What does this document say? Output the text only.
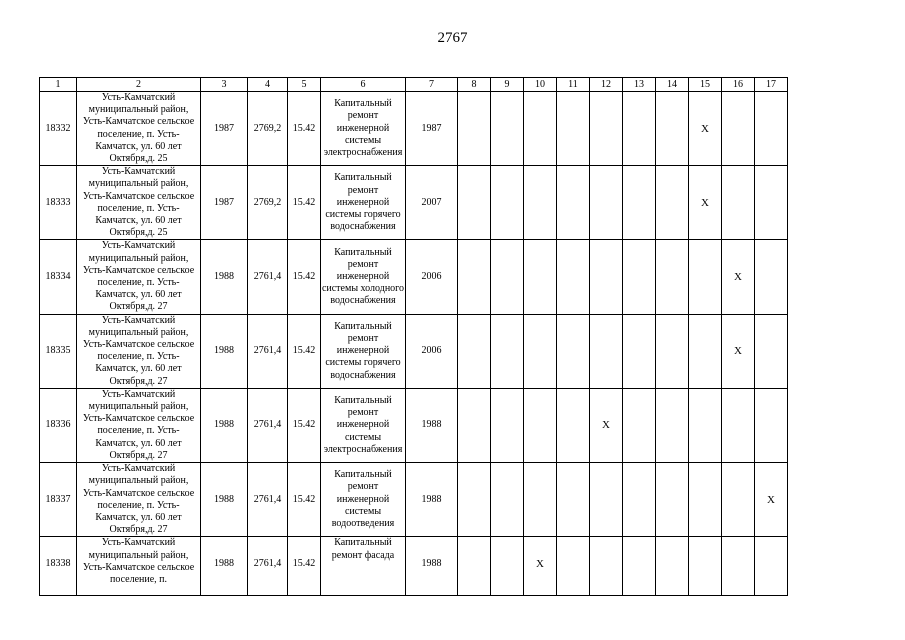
2767
1	2	3	4	5	6	7	8	9	10	11	12	13	14	15	16	17
18332	Усть-Камчатский муниципальный район, Усть-Камчатское сельское поселение, п. Усть-Камчатск, ул. 60 лет Октября,д. 25	1987	2769,2	15.42	Капитальный ремонт инженерной системы электроснабжения	1987								X		
18333	Усть-Камчатский муниципальный район, Усть-Камчатское сельское поселение, п. Усть-Камчатск, ул. 60 лет Октября,д. 25	1987	2769,2	15.42	Капитальный ремонт инженерной системы горячего водоснабжения	2007								X		
18334	Усть-Камчатский муниципальный район, Усть-Камчатское сельское поселение, п. Усть-Камчатск, ул. 60 лет Октября,д. 27	1988	2761,4	15.42	Капитальный ремонт инженерной системы холодного водоснабжения	2006									X	
18335	Усть-Камчатский муниципальный район, Усть-Камчатское сельское поселение, п. Усть-Камчатск, ул. 60 лет Октября,д. 27	1988	2761,4	15.42	Капитальный ремонт инженерной системы горячего водоснабжения	2006									X	
18336	Усть-Камчатский муниципальный район, Усть-Камчатское сельское поселение, п. Усть-Камчатск, ул. 60 лет Октября,д. 27	1988	2761,4	15.42	Капитальный ремонт инженерной системы электроснабжения	1988					X					
18337	Усть-Камчатский муниципальный район, Усть-Камчатское сельское поселение, п. Усть-Камчатск, ул. 60 лет Октября,д. 27	1988	2761,4	15.42	Капитальный ремонт инженерной системы водоотведения	1988										X
18338	Усть-Камчатский муниципальный район, Усть-Камчатское сельское поселение, п.	1988	2761,4	15.42	Капитальный ремонт фасада	1988			X							
